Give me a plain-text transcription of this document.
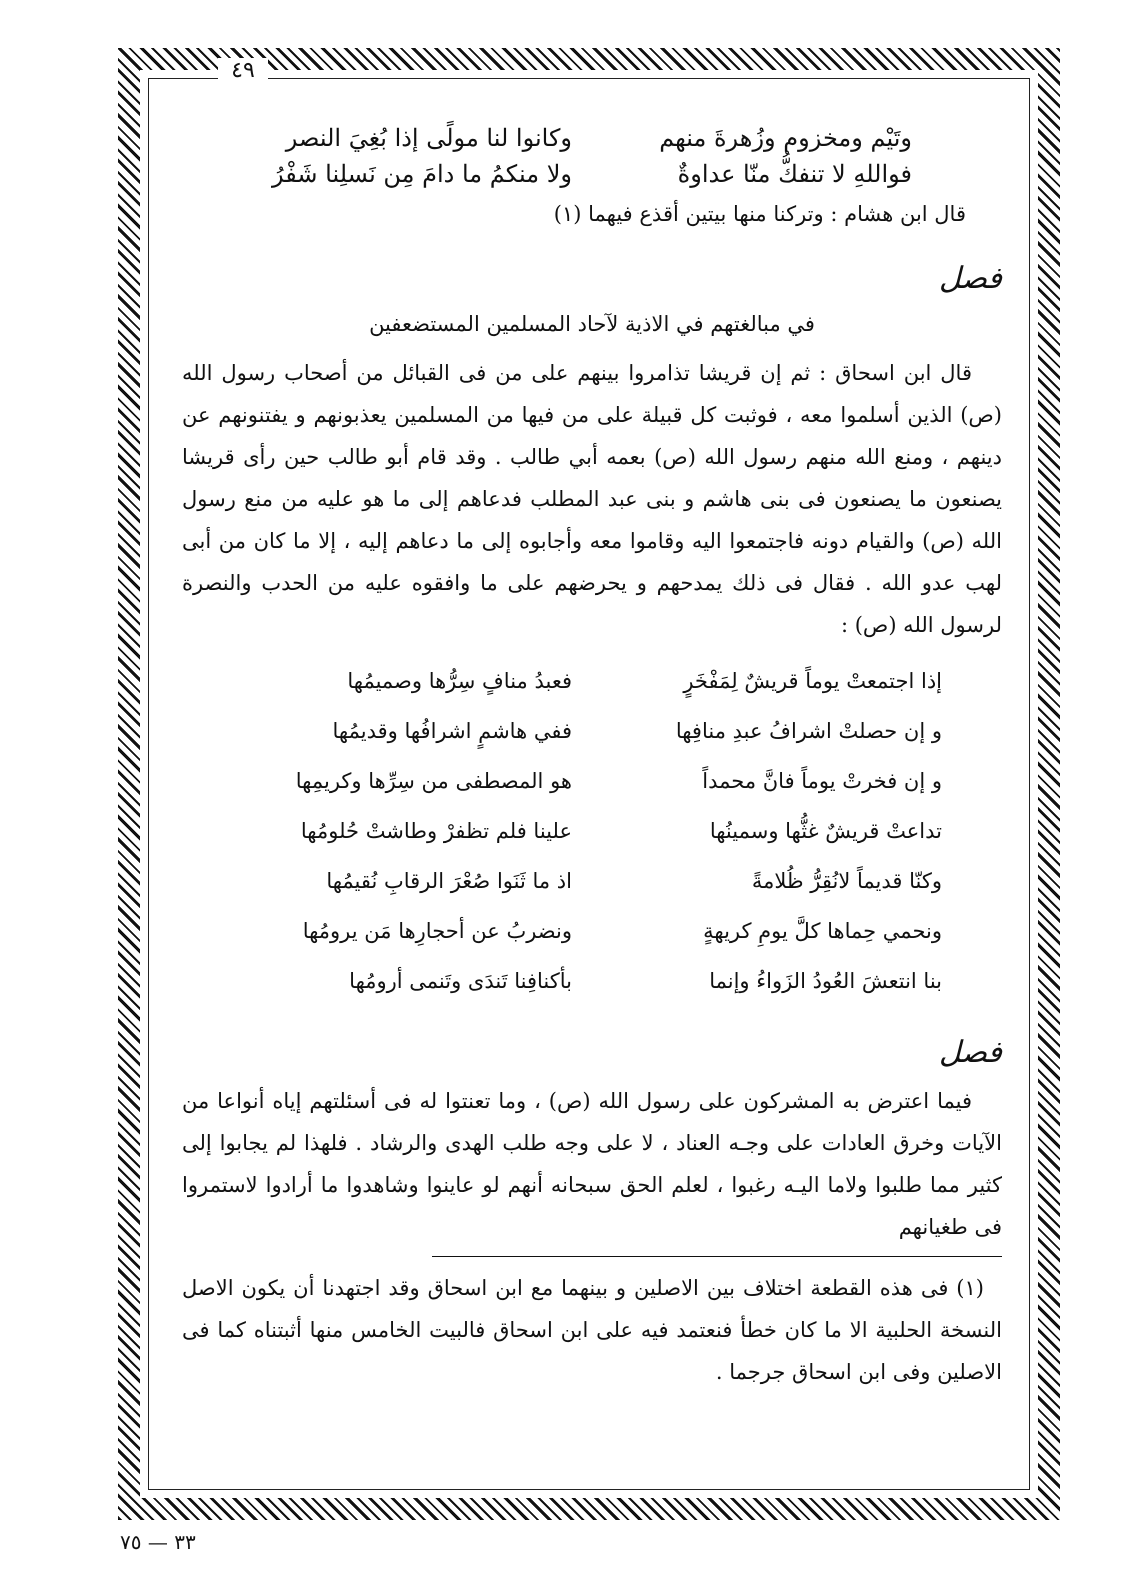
٤٩
وتَيْم ومخزوم وزُهرةَ منهم
وكانوا لنا مولًى إذا بُغِيَ النصر
فواللهِ لا تنفكُّ منّا عداوةٌ
ولا منكمُ ما دامَ مِن نَسلِنا شَفْرُ
قال ابن هشام : وتركنا منها بيتين أقذع فيهما (١)
فصل
في مبالغتهم في الاذية لآحاد المسلمين المستضعفين

قال ابن اسحاق : ثم إن قريشا تذامروا بينهم على من فى القبائل من أصحاب رسول الله (ص) الذين أسلموا معه ، فوثبت كل قبيلة على من فيها من المسلمين يعذبونهم و يفتنونهم عن دينهم ، ومنع الله منهم رسول الله (ص) بعمه أبي طالب . وقد قام أبو طالب حين رأى قريشا يصنعون ما يصنعون فى بنى هاشم و بنى عبد المطلب فدعاهم إلى ما هو عليه من منع رسول الله (ص) والقيام دونه فاجتمعوا اليه وقاموا معه وأجابوه إلى ما دعاهم إليه ، إلا ما كان من أبى لهب عدو الله . فقال فى ذلك يمدحهم و يحرضهم على ما وافقوه عليه من الحدب والنصرة لرسول الله (ص) :

إذا اجتمعتْ يوماً قريشٌ لِمَفْخَرٍ
فعبدُ منافٍ سِرُّها وصميمُها
و إن حصلتْ اشرافُ عبدِ منافِها
ففي هاشمٍ اشرافُها وقديمُها
و إن فخرتْ يوماً فانَّ محمداً
هو المصطفى من سِرِّها وكريمِها
تداعتْ قريشٌ غثُّها وسمينُها
علينا فلم تظفرْ وطاشتْ حُلومُها
وكنّا قديماً لانُقِرُّ ظُلامةً
اذ ما ثَنَوا صُعْرَ الرقابِ نُقيمُها
ونحمي حِماها كلَّ يومِ كريهةٍ
ونضربُ عن أحجارِها مَن يرومُها
بنا انتعشَ العُودُ الزَواءُ وإنما
بأكنافِنا تَندَى وتَنمى أرومُها
فصل

فيما اعترض به المشركون على رسول الله (ص) ، وما تعنتوا له فى أسئلتهم إياه أنواعا من الآيات وخرق العادات على وجـه العناد ، لا على وجه طلب الهدى والرشاد . فلهذا لم يجابوا إلى كثير مما طلبوا ولاما اليـه رغبوا ، لعلم الحق سبحانه أنهم لو عاينوا وشاهدوا ما أرادوا لاستمروا فى طغيانهم

(١) فى هذه القطعة اختلاف بين الاصلين و بينهما مع ابن اسحاق وقد اجتهدنا أن يكون الاصل النسخة الحلبية الا ما كان خطأ فنعتمد فيه على ابن اسحاق فالبيت الخامس منها أثبتناه كما فى الاصلين وفى ابن اسحاق جرجما .

٣٣ — ٧٥
